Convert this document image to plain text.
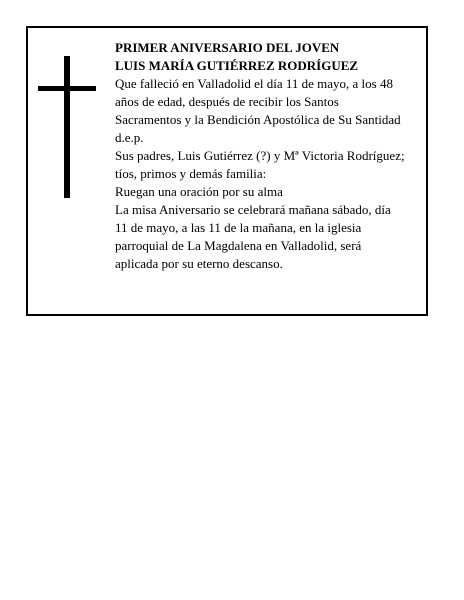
PRIMER ANIVERSARIO DEL JOVEN
LUIS MARÍA GUTIÉRREZ RODRÍGUEZ
Que falleció en Valladolid el día 11 de mayo, a los 48
años de edad, después de recibir los Santos
Sacramentos y la Bendición Apostólica de Su Santidad
d.e.p.
Sus padres, Luis Gutiérrez (?) y Mª Victoria Rodríguez;
tíos, primos y demás familia:
Ruegan una oración por su alma
La misa Aniversario se celebrará mañana sábado, día
11 de mayo, a las 11 de la mañana, en la iglesia
parroquial de La Magdalena en Valladolid, será
aplicada por su eterno descanso.
